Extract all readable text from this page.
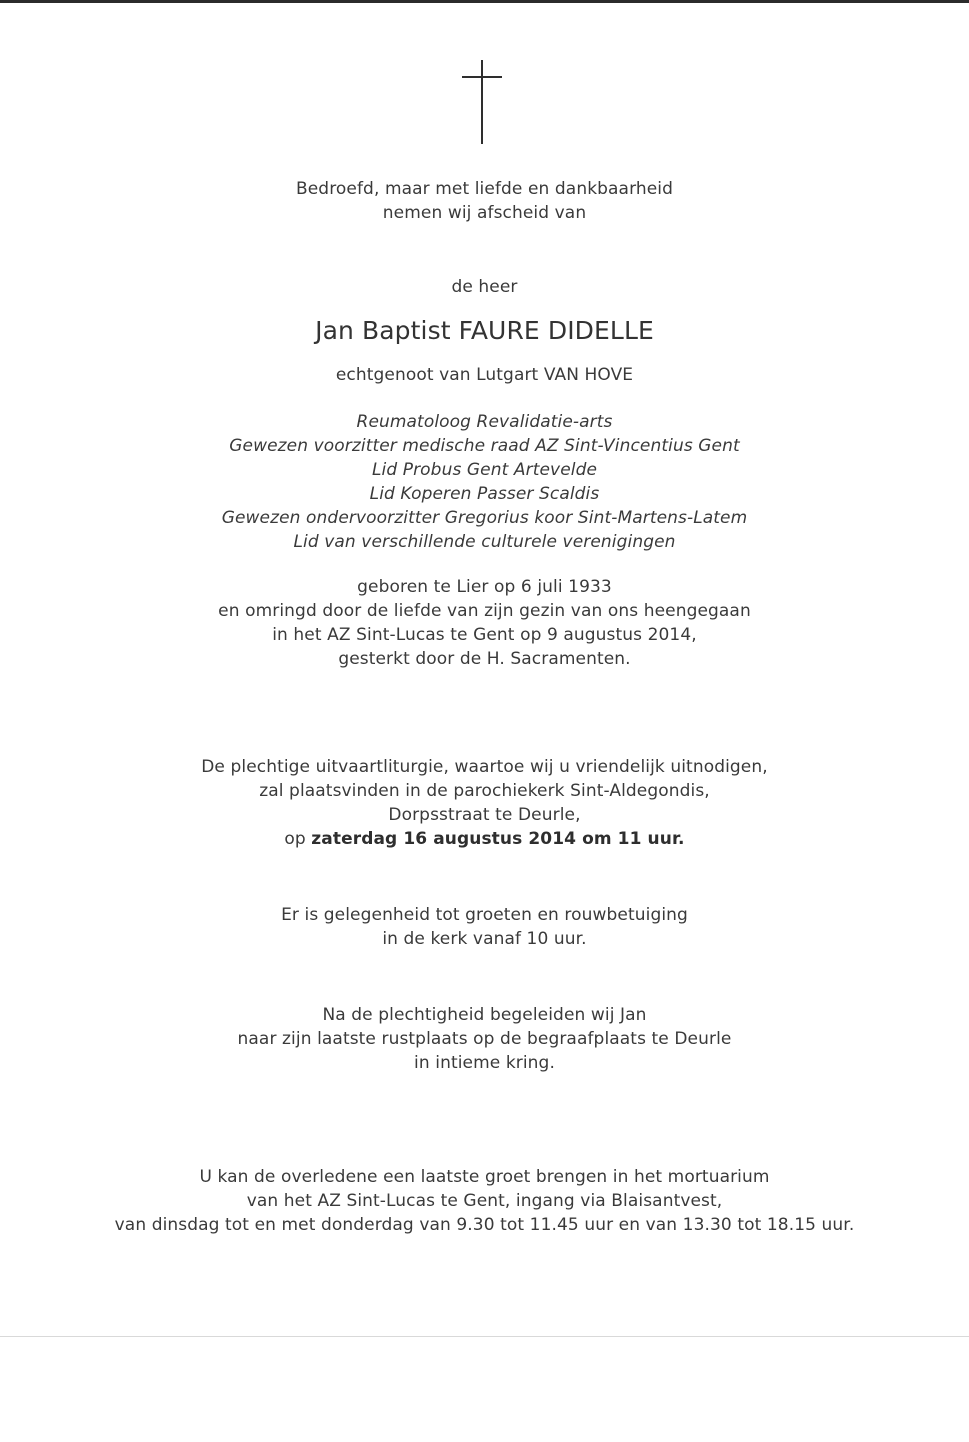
Bedroefd, maar met liefde en dankbaarheid
nemen wij afscheid van
de heer
Jan Baptist FAURE DIDELLE
echtgenoot van Lutgart VAN HOVE
Reumatoloog Revalidatie-arts
Gewezen voorzitter medische raad AZ Sint-Vincentius Gent
Lid Probus Gent Artevelde
Lid Koperen Passer Scaldis
Gewezen ondervoorzitter Gregorius koor Sint-Martens-Latem
Lid van verschillende culturele verenigingen
geboren te Lier op 6 juli 1933
en omringd door de liefde van zijn gezin van ons heengegaan
in het AZ Sint-Lucas te Gent op 9 augustus 2014,
gesterkt door de H. Sacramenten.
De plechtige uitvaartliturgie, waartoe wij u vriendelijk uitnodigen,
zal plaatsvinden in de parochiekerk Sint-Aldegondis,
Dorpsstraat te Deurle,
op zaterdag 16 augustus 2014 om 11 uur.
Er is gelegenheid tot groeten en rouwbetuiging
in de kerk vanaf 10 uur.
Na de plechtigheid begeleiden wij Jan
naar zijn laatste rustplaats op de begraafplaats te Deurle
in intieme kring.
U kan de overledene een laatste groet brengen in het mortuarium
van het AZ Sint-Lucas te Gent, ingang via Blaisantvest,
van dinsdag tot en met donderdag van 9.30 tot 11.45 uur en van 13.30 tot 18.15 uur.
